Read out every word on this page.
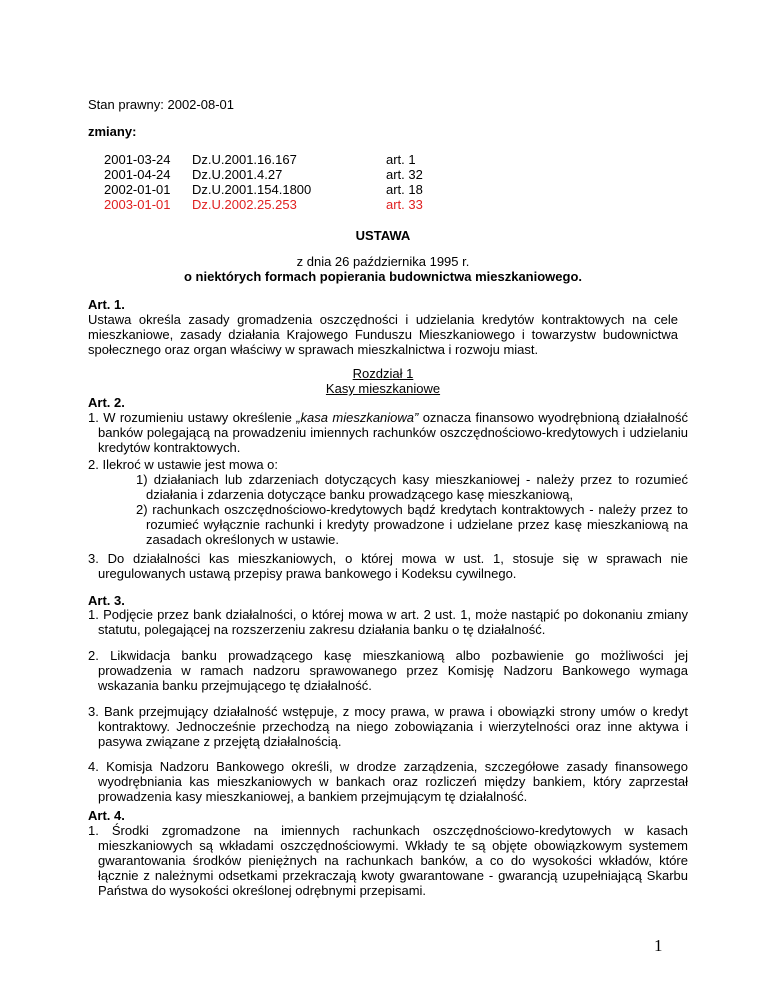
Stan prawny: 2002-08-01

zmiany:

2001-03-24	Dz.U.2001.16.167	art. 1
2001-04-24	Dz.U.2001.4.27	art. 32
2002-01-01	Dz.U.2001.154.1800	art. 18
2003-01-01	Dz.U.2002.25.253	art. 33

USTAWA

z dnia 26 października 1995 r.

o niektórych formach popierania budownictwa mieszkaniowego.

Art. 1.

Ustawa określa zasady gromadzenia oszczędności i udzielania kredytów kontraktowych na cele mieszkaniowe, zasady działania Krajowego Funduszu Mieszkaniowego i towarzystw budownictwa społecznego oraz organ właściwy w sprawach mieszkalnictwa i rozwoju miast.

Rozdział 1

Kasy mieszkaniowe

Art. 2.

1. W rozumieniu ustawy określenie „kasa mieszkaniowa” oznacza finansowo wyodrębnioną działalność banków polegającą na prowadzeniu imiennych rachunków oszczędnościowo-kredytowych i udzielaniu kredytów kontraktowych.

2. Ilekroć w ustawie jest mowa o:

1) działaniach lub zdarzeniach dotyczących kasy mieszkaniowej - należy przez to rozumieć działania i zdarzenia dotyczące banku prowadzącego kasę mieszkaniową,

2) rachunkach oszczędnościowo-kredytowych bądź kredytach kontraktowych - należy przez to rozumieć wyłącznie rachunki i kredyty prowadzone i udzielane przez kasę mieszkaniową na zasadach określonych w ustawie.

3. Do działalności kas mieszkaniowych, o której mowa w ust. 1, stosuje się w sprawach nie uregulowanych ustawą przepisy prawa bankowego i Kodeksu cywilnego.

Art. 3.

1. Podjęcie przez bank działalności, o której mowa w art. 2 ust. 1, może nastąpić po dokonaniu zmiany statutu, polegającej na rozszerzeniu zakresu działania banku o tę działalność.

2. Likwidacja banku prowadzącego kasę mieszkaniową albo pozbawienie go możliwości jej prowadzenia w ramach nadzoru sprawowanego przez Komisję Nadzoru Bankowego wymaga wskazania banku przejmującego tę działalność.

3. Bank przejmujący działalność wstępuje, z mocy prawa, w prawa i obowiązki strony umów o kredyt kontraktowy. Jednocześnie przechodzą na niego zobowiązania i wierzytelności oraz inne aktywa i pasywa związane z przejętą działalnością.

4. Komisja Nadzoru Bankowego określi, w drodze zarządzenia, szczegółowe zasady finansowego wyodrębniania kas mieszkaniowych w bankach oraz rozliczeń między bankiem, który zaprzestał prowadzenia kasy mieszkaniowej, a bankiem przejmującym tę działalność.

Art. 4.

1. Środki zgromadzone na imiennych rachunkach oszczędnościowo-kredytowych w kasach mieszkaniowych są wkładami oszczędnościowymi. Wkłady te są objęte obowiązkowym systemem gwarantowania środków pieniężnych na rachunkach banków, a co do wysokości wkładów, które łącznie z należnymi odsetkami przekraczają kwoty gwarantowane - gwarancją uzupełniającą Skarbu Państwa do wysokości określonej odrębnymi przepisami.

1
